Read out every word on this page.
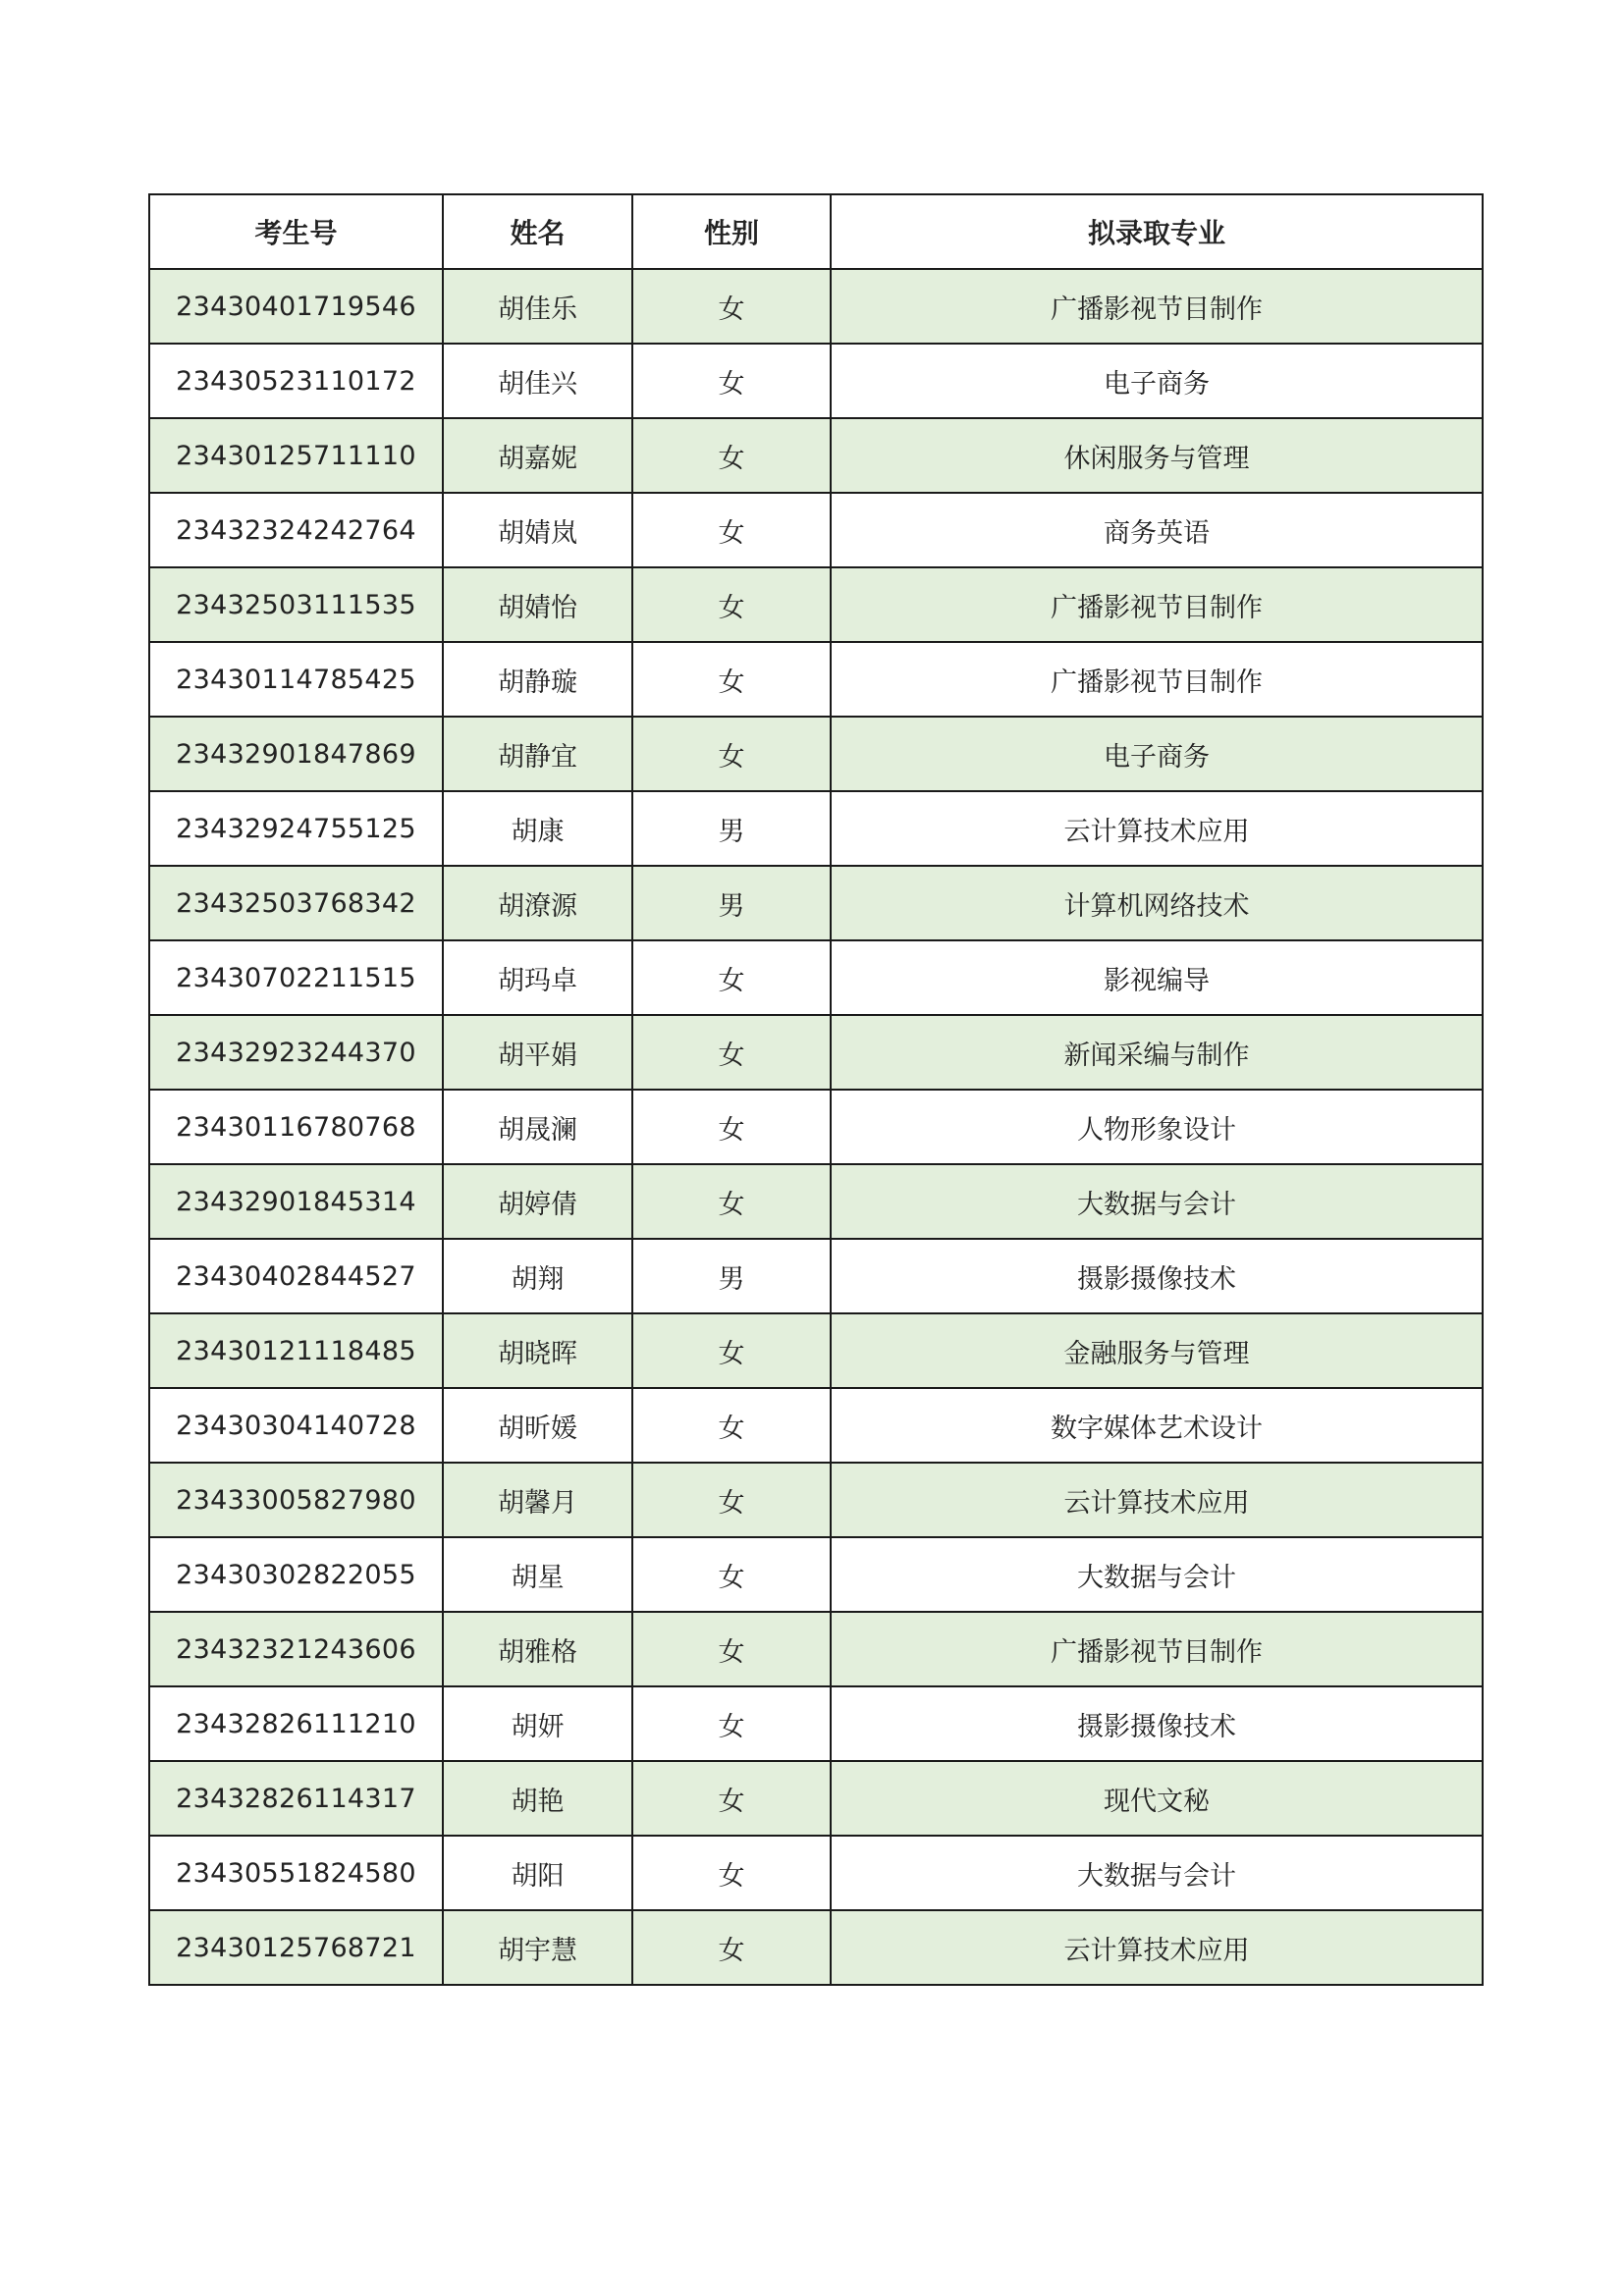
考生号	姓名	性别	拟录取专业
23430401719546	胡佳乐	女	广播影视节目制作
23430523110172	胡佳兴	女	电子商务
23430125711110	胡嘉妮	女	休闲服务与管理
23432324242764	胡婧岚	女	商务英语
23432503111535	胡婧怡	女	广播影视节目制作
23430114785425	胡静璇	女	广播影视节目制作
23432901847869	胡静宜	女	电子商务
23432924755125	胡康	男	云计算技术应用
23432503768342	胡潦源	男	计算机网络技术
23430702211515	胡玛卓	女	影视编导
23432923244370	胡平娟	女	新闻采编与制作
23430116780768	胡晟澜	女	人物形象设计
23432901845314	胡婷倩	女	大数据与会计
23430402844527	胡翔	男	摄影摄像技术
23430121118485	胡晓晖	女	金融服务与管理
23430304140728	胡昕媛	女	数字媒体艺术设计
23433005827980	胡馨月	女	云计算技术应用
23430302822055	胡星	女	大数据与会计
23432321243606	胡雅格	女	广播影视节目制作
23432826111210	胡妍	女	摄影摄像技术
23432826114317	胡艳	女	现代文秘
23430551824580	胡阳	女	大数据与会计
23430125768721	胡宇慧	女	云计算技术应用
